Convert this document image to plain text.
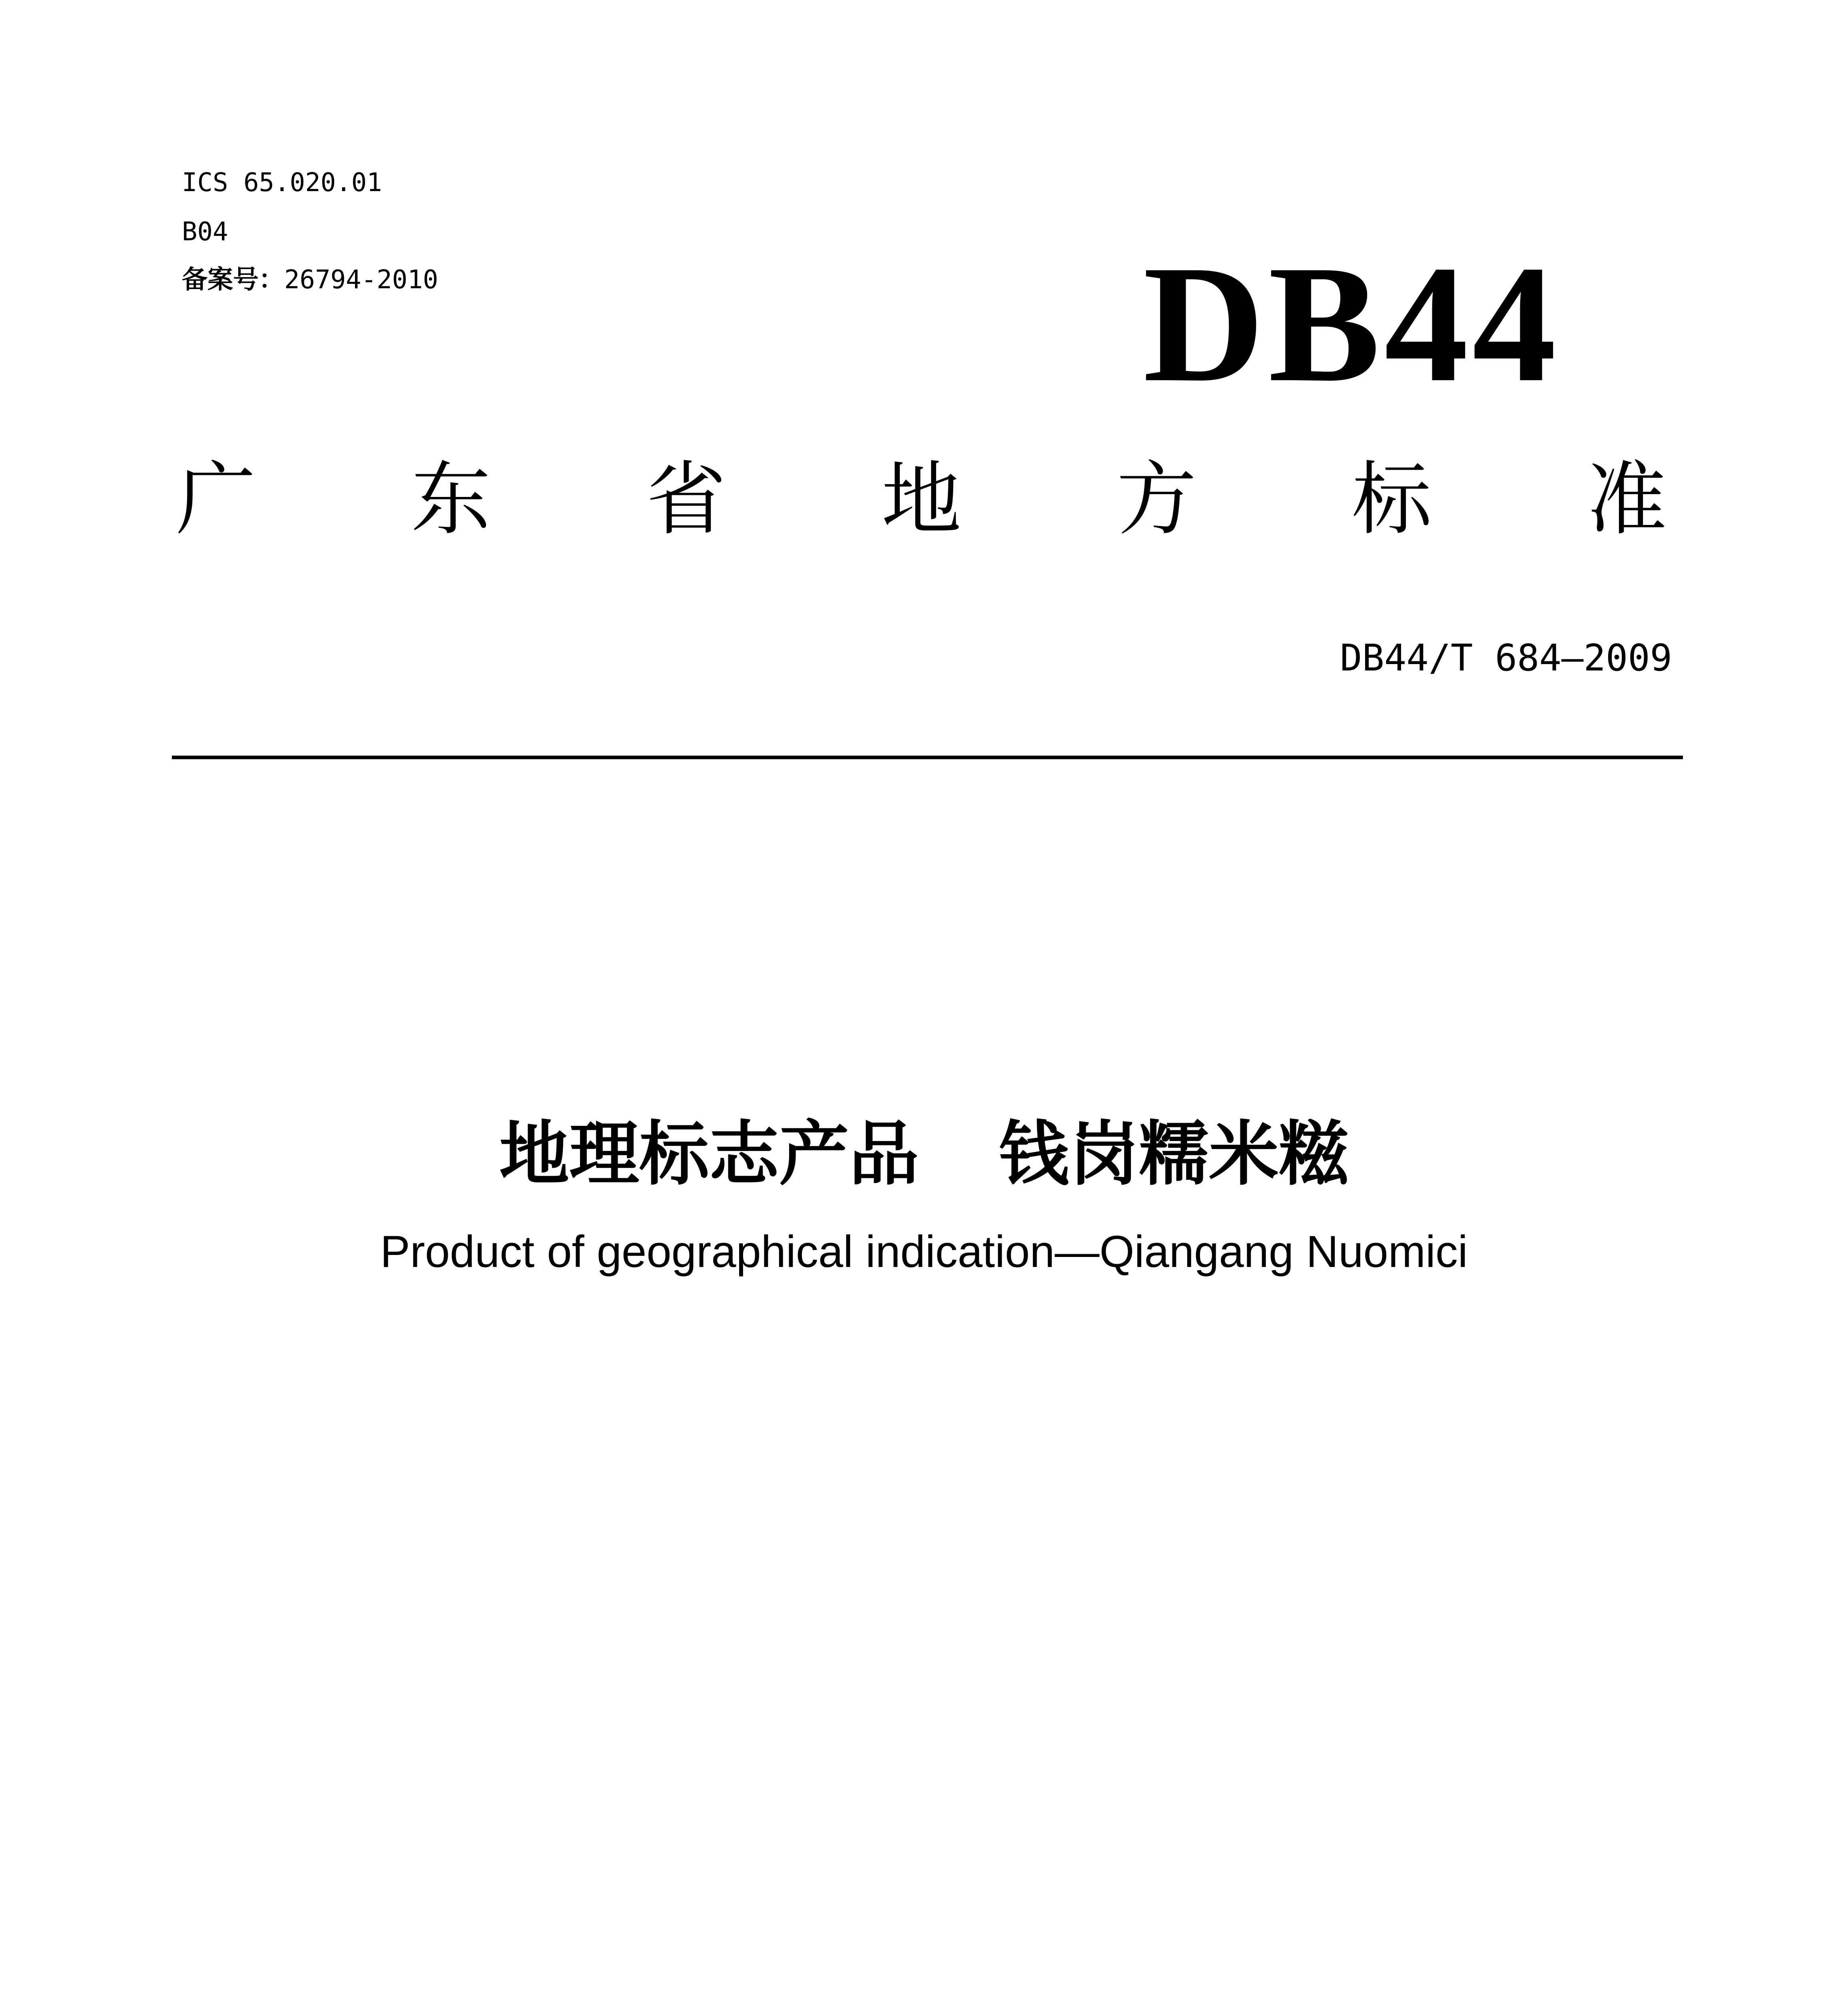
ICS 65.020.01
B04
备案号：26794-2010	DB44
广 东 省 地 方 标 准
DB44/T 684—2009
地理标志产品 钱岗糯米糍
Product of geographical indication—Qiangang Nuomici
